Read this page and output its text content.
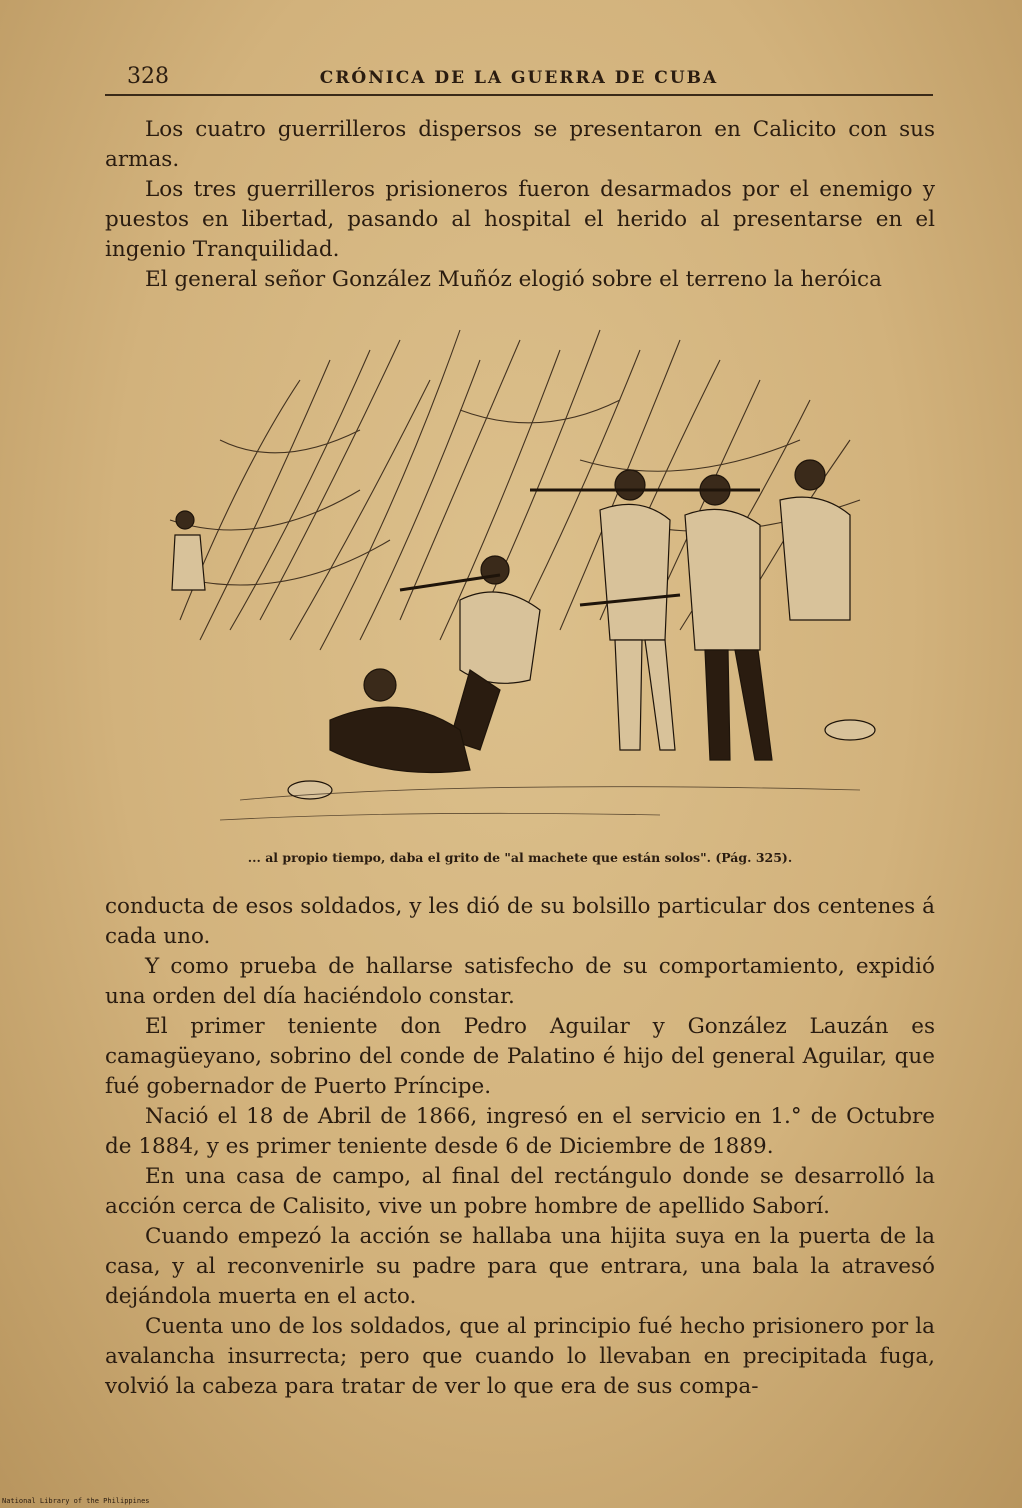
328	CRÓNICA DE LA GUERRA DE CUBA

Los cuatro guerrilleros dispersos se presentaron en Calicito con sus armas.

Los tres guerrilleros prisioneros fueron desarmados por el enemigo y puestos en libertad, pasando al hospital el herido al presentarse en el ingenio Tranquilidad.

El general señor González Muñóz elogió sobre el terreno la heróica

... al propio tiempo, daba el grito de "al machete que están solos". (Pág. 325).

conducta de esos soldados, y les dió de su bolsillo particular dos centenes á cada uno.

Y como prueba de hallarse satisfecho de su comportamiento, expidió una orden del día haciéndolo constar.

El primer teniente don Pedro Aguilar y González Lauzán es camagüeyano, sobrino del conde de Palatino é hijo del general Aguilar, que fué gobernador de Puerto Príncipe.

Nació el 18 de Abril de 1866, ingresó en el servicio en 1.° de Octubre de 1884, y es primer teniente desde 6 de Diciembre de 1889.

En una casa de campo, al final del rectángulo donde se desarrolló la acción cerca de Calisito, vive un pobre hombre de apellido Saborí.

Cuando empezó la acción se hallaba una hijita suya en la puerta de la casa, y al reconvenirle su padre para que entrara, una bala la atravesó dejándola muerta en el acto.

Cuenta uno de los soldados, que al principio fué hecho prisionero por la avalancha insurrecta; pero que cuando lo llevaban en precipitada fuga, volvió la cabeza para tratar de ver lo que era de sus compa-

National Library of the Philippines
